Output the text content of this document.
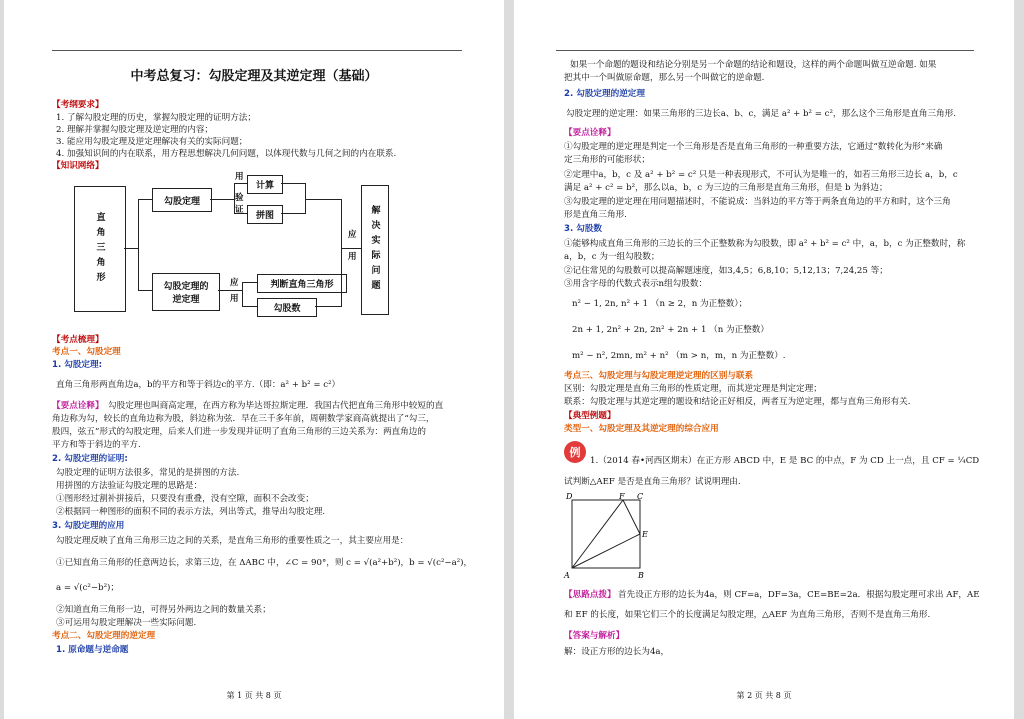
中考总复习：勾股定理及其逆定理（基础）
【考纲要求】
1. 了解勾股定理的历史，掌握勾股定理的证明方法；
2. 理解并掌握勾股定理及逆定理的内容；
3. 能应用勾股定理及逆定理解决有关的实际问题；
4. 加强知识间的内在联系，用方程思想解决几何问题，以体现代数与几何之间的内在联系.
【知识网络】
直角三角形
勾股定理
计算
拼图
勾股定理的逆定理
判断直角三角形
勾股数
解决实际问题
用
验
证
应
用
应
用
【考点梳理】
考点一、勾股定理
1. 勾股定理:
直角三角形两直角边a，b的平方和等于斜边c的平方.（即：a² + b² = c²）
【要点诠释】 勾股定理也叫商高定理，在西方称为毕达哥拉斯定理．我国古代把直角三角形中较短的直
角边称为勾，较长的直角边称为股，斜边称为弦．早在三千多年前，周朝数学家商高就提出了“勾三，
股四，弦五”形式的勾股定理，后来人们进一步发现并证明了直角三角形的三边关系为：两直角边的
平方和等于斜边的平方.
2. 勾股定理的证明:
勾股定理的证明方法很多，常见的是拼图的方法.
用拼图的方法验证勾股定理的思路是：
①图形经过割补拼接后，只要没有重叠，没有空隙，面积不会改变；
②根据同一种图形的面积不同的表示方法，列出等式，推导出勾股定理.
3. 勾股定理的应用
勾股定理反映了直角三角形三边之间的关系，是直角三角形的重要性质之一，其主要应用是：
①已知直角三角形的任意两边长，求第三边，在 ΔABC 中，∠C = 90°，则 c = √(a²+b²)，b = √(c²−a²)，
a = √(c²−b²)；
②知道直角三角形一边，可得另外两边之间的数量关系；
③可运用勾股定理解决一些实际问题.
考点二、勾股定理的逆定理
1. 原命题与逆命题
第 1 页 共 8 页
如果一个命题的题设和结论分别是另一个命题的结论和题设，这样的两个命题叫做互逆命题. 如果
把其中一个叫做原命题，那么另一个叫做它的逆命题.
2. 勾股定理的逆定理
勾股定理的逆定理：如果三角形的三边长a、b、c，满足 a² + b² = c²，那么这个三角形是直角三角形.
【要点诠释】
①勾股定理的逆定理是判定一个三角形是否是直角三角形的一种重要方法，它通过“数转化为形”来确
定三角形的可能形状；
②定理中a，b，c 及 a² + b² = c² 只是一种表现形式，不可认为是唯一的，如若三角形三边长 a，b，c
满足 a² + c² = b²，那么以a，b，c 为三边的三角形是直角三角形，但是 b 为斜边；
③勾股定理的逆定理在用问题描述时，不能说成：当斜边的平方等于两条直角边的平方和时，这个三角
形是直角三角形.
3. 勾股数
①能够构成直角三角形的三边长的三个正整数称为勾股数，即 a² + b² = c² 中，a，b，c 为正整数时，称
a，b，c 为一组勾股数；
②记住常见的勾股数可以提高解题速度，如3,4,5；6,8,10；5,12,13；7,24,25 等；
③用含字母的代数式表示n组勾股数：
n² − 1, 2n, n² + 1 （n ≥ 2，n 为正整数）；
2n + 1, 2n² + 2n, 2n² + 2n + 1 （n 为正整数）
m² − n², 2mn, m² + n² （m > n，m，n 为正整数）.
考点三、勾股定理与勾股定理逆定理的区别与联系
区别：勾股定理是直角三角形的性质定理，而其逆定理是判定定理；
联系：勾股定理与其逆定理的题设和结论正好相反，两者互为逆定理，都与直角三角形有关.
【典型例题】
类型一、勾股定理及其逆定理的综合应用
例
1.（2014 春•河西区期末）在正方形 ABCD 中，E 是 BC 的中点，F 为 CD 上一点，且 CF = ¼CD
试判断△AEF 是否是直角三角形？试说明理由.
D	F C
E
A	B
【思路点拨】 首先设正方形的边长为4a，则 CF=a，DF=3a，CE=BE=2a．根据勾股定理可求出 AF，AE
和 EF 的长度，如果它们三个的长度满足勾股定理，△AEF 为直角三角形，否则不是直角三角形.
【答案与解析】
解：设正方形的边长为4a，
第 2 页 共 8 页
